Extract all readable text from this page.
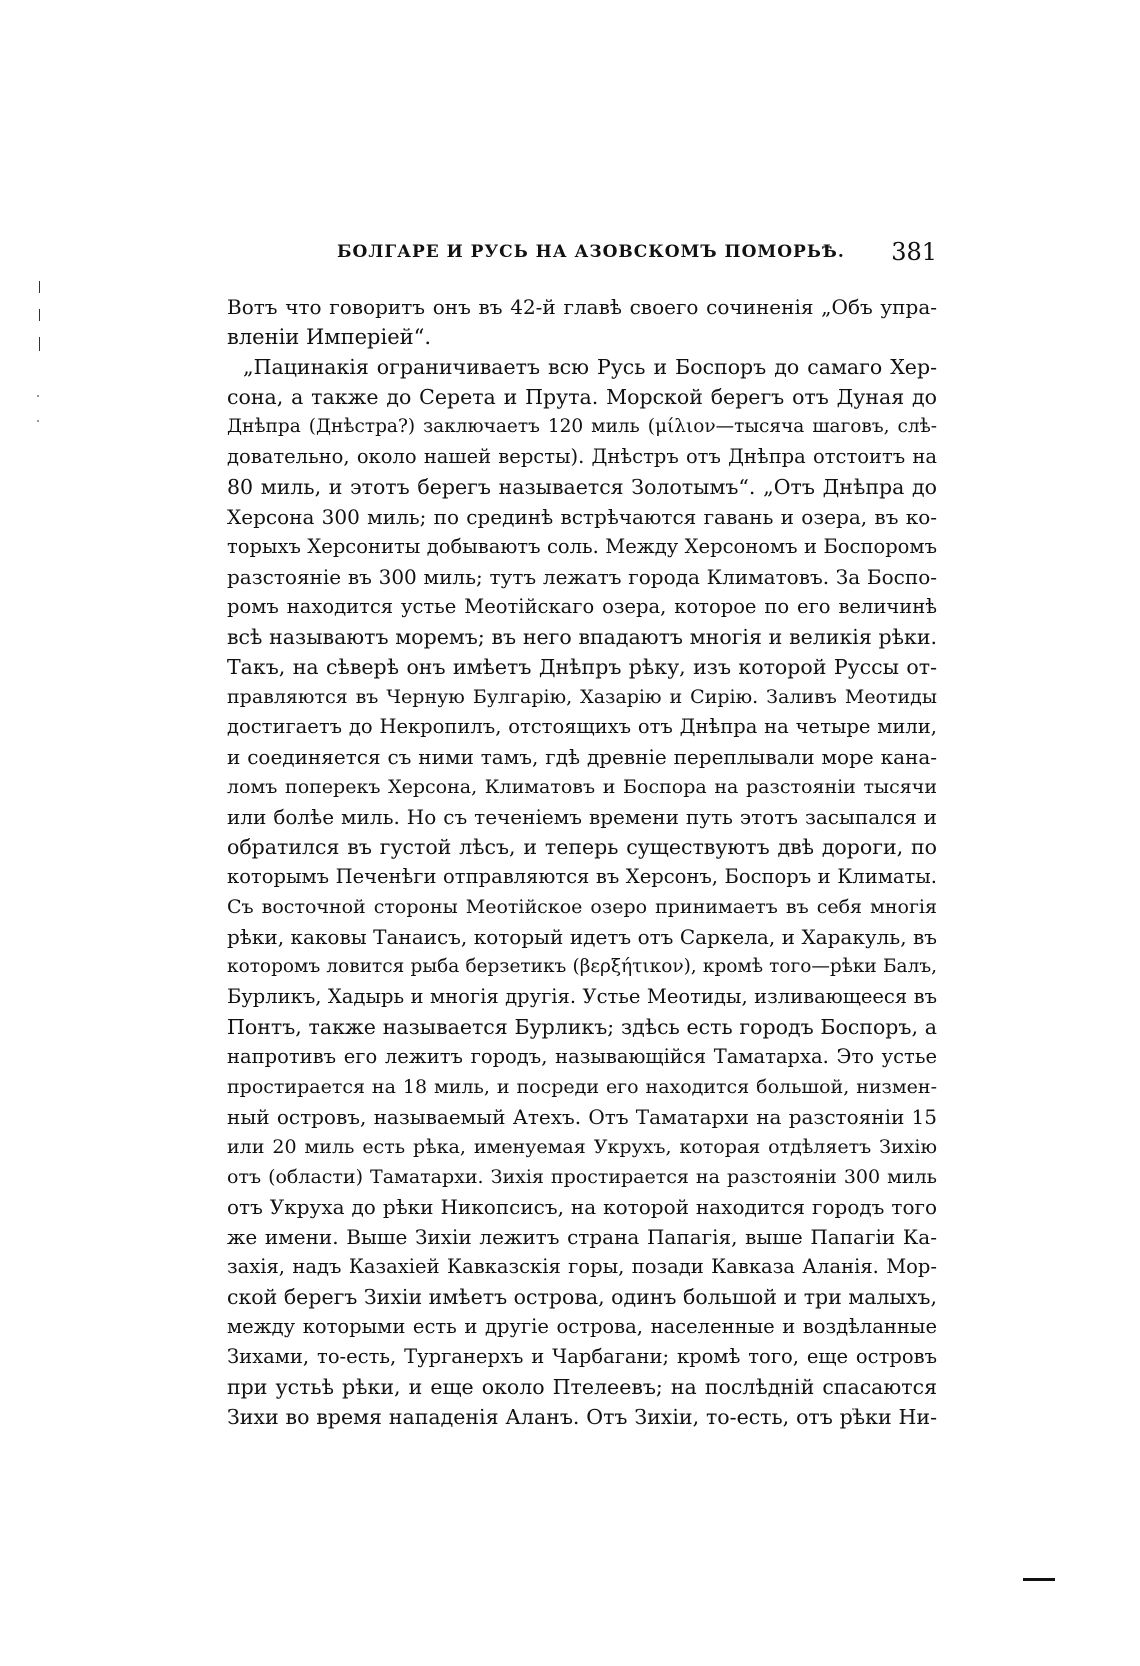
БОЛГАРЕ И РУСЬ НА АЗОВСКОМЪ ПОМОРЬѢ. 381
Вотъ что говоритъ онъ въ 42-й главѣ своего сочиненія „Объ упра-
вленіи Имперіей“.
„Пацинакія ограничиваетъ всю Русь и Боспоръ до самаго Хер-
сона, а также до Серета и Прута. Морской берегъ отъ Дуная до
Днѣпра (Днѣстра?) заключаетъ 120 миль (μίλιον—тысяча шаговъ, слѣ-
довательно, около нашей версты). Днѣстръ отъ Днѣпра отстоитъ на
80 миль, и этотъ берегъ называется Золотымъ“. „Отъ Днѣпра до
Херсона 300 миль; по срединѣ встрѣчаются гавань и озера, въ ко-
торыхъ Херсониты добываютъ соль. Между Херсономъ и Боспоромъ
разстояніе въ 300 миль; тутъ лежатъ города Климатовъ. За Боспо-
ромъ находится устье Меотійскаго озера, которое по его величинѣ
всѣ называютъ моремъ; въ него впадаютъ многія и великія рѣки.
Такъ, на сѣверѣ онъ имѣетъ Днѣпръ рѣку, изъ которой Руссы от-
правляются въ Черную Булгарію, Хазарію и Сирію. Заливъ Меотиды
достигаетъ до Некропилъ, отстоящихъ отъ Днѣпра на четыре мили,
и соединяется съ ними тамъ, гдѣ древніе переплывали море кана-
ломъ поперекъ Херсона, Климатовъ и Боспора на разстояніи тысячи
или болѣе миль. Но съ теченіемъ времени путь этотъ засыпался и
обратился въ густой лѣсъ, и теперь существуютъ двѣ дороги, по
которымъ Печенѣги отправляются въ Херсонъ, Боспоръ и Климаты.
Съ восточной стороны Меотійское озеро принимаетъ въ себя многія
рѣки, каковы Танаисъ, который идетъ отъ Саркела, и Харакуль, въ
которомъ ловится рыба берзетикъ (βερξήτικον), кромѣ того—рѣки Балъ,
Бурликъ, Хадырь и многія другія. Устье Меотиды, изливающееся въ
Понтъ, также называется Бурликъ; здѣсь есть городъ Боспоръ, а
напротивъ его лежитъ городъ, называющійся Таматарха. Это устье
простирается на 18 миль, и посреди его находится большой, низмен-
ный островъ, называемый Атехъ. Отъ Таматархи на разстояніи 15
или 20 миль есть рѣка, именуемая Укрухъ, которая отдѣляетъ Зихію
отъ (области) Таматархи. Зихія простирается на разстояніи 300 миль
отъ Укруха до рѣки Никопсисъ, на которой находится городъ того
же имени. Выше Зихіи лежитъ страна Папагія, выше Папагіи Ка-
захія, надъ Казахіей Кавказскія горы, позади Кавказа Аланія. Мор-
ской берегъ Зихіи имѣетъ острова, одинъ большой и три малыхъ,
между которыми есть и другіе острова, населенные и воздѣланные
Зихами, то-есть, Турганерхъ и Чарбагани; кромѣ того, еще островъ
при устьѣ рѣки, и еще около Птелеевъ; на послѣдній спасаются
Зихи во время нападенія Аланъ. Отъ Зихіи, то-есть, отъ рѣки Ни-
